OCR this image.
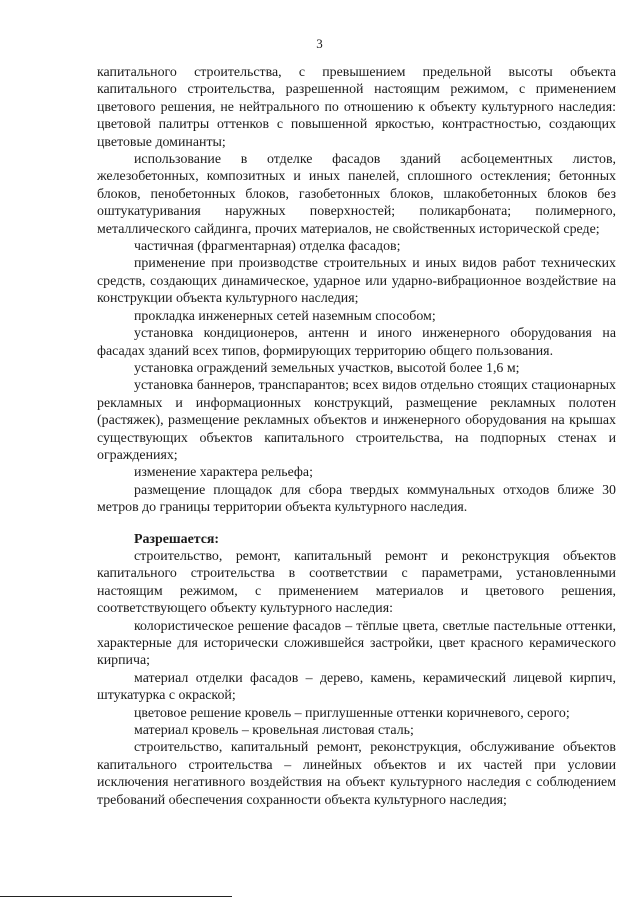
3

капитального строительства, с превышением предельной высоты объекта капитального строительства, разрешенной настоящим режимом, с применением цветового решения, не нейтрального по отношению к объекту культурного наследия: цветовой палитры оттенков с повышенной яркостью, контрастностью, создающих цветовые доминанты;

использование в отделке фасадов зданий асбоцементных листов, железобетонных, композитных и иных панелей, сплошного остекления; бетонных блоков, пенобетонных блоков, газобетонных блоков, шлакобетонных блоков без оштукатуривания наружных поверхностей; поликарбоната; полимерного, металлического сайдинга, прочих материалов, не свойственных исторической среде;

частичная (фрагментарная) отделка фасадов;

применение при производстве строительных и иных видов работ технических средств, создающих динамическое, ударное или ударно-вибрационное воздействие на конструкции объекта культурного наследия;

прокладка инженерных сетей наземным способом;

установка кондиционеров, антенн и иного инженерного оборудования на фасадах зданий всех типов, формирующих территорию общего пользования.

установка ограждений земельных участков, высотой более 1,6 м;

установка баннеров, транспарантов; всех видов отдельно стоящих стационарных рекламных и информационных конструкций, размещение рекламных полотен (растяжек), размещение рекламных объектов и инженерного оборудования на крышах существующих объектов капитального строительства, на подпорных стенах и ограждениях;

изменение характера рельефа;

размещение площадок для сбора твердых коммунальных отходов ближе 30 метров до границы территории объекта культурного наследия.

Разрешается:

строительство, ремонт, капитальный ремонт и реконструкция объектов капитального строительства в соответствии с параметрами, установленными настоящим режимом, с применением материалов и цветового решения, соответствующего объекту культурного наследия:

колористическое решение фасадов – тёплые цвета, светлые пастельные оттенки, характерные для исторически сложившейся застройки, цвет красного керамического кирпича;

материал отделки фасадов – дерево, камень, керамический лицевой кирпич, штукатурка с окраской;

цветовое решение кровель – приглушенные оттенки коричневого, серого;

материал кровель – кровельная листовая сталь;

строительство, капитальный ремонт, реконструкция, обслуживание объектов капитального строительства – линейных объектов и их частей при условии исключения негативного воздействия на объект культурного наследия с соблюдением требований обеспечения сохранности объекта культурного наследия;
